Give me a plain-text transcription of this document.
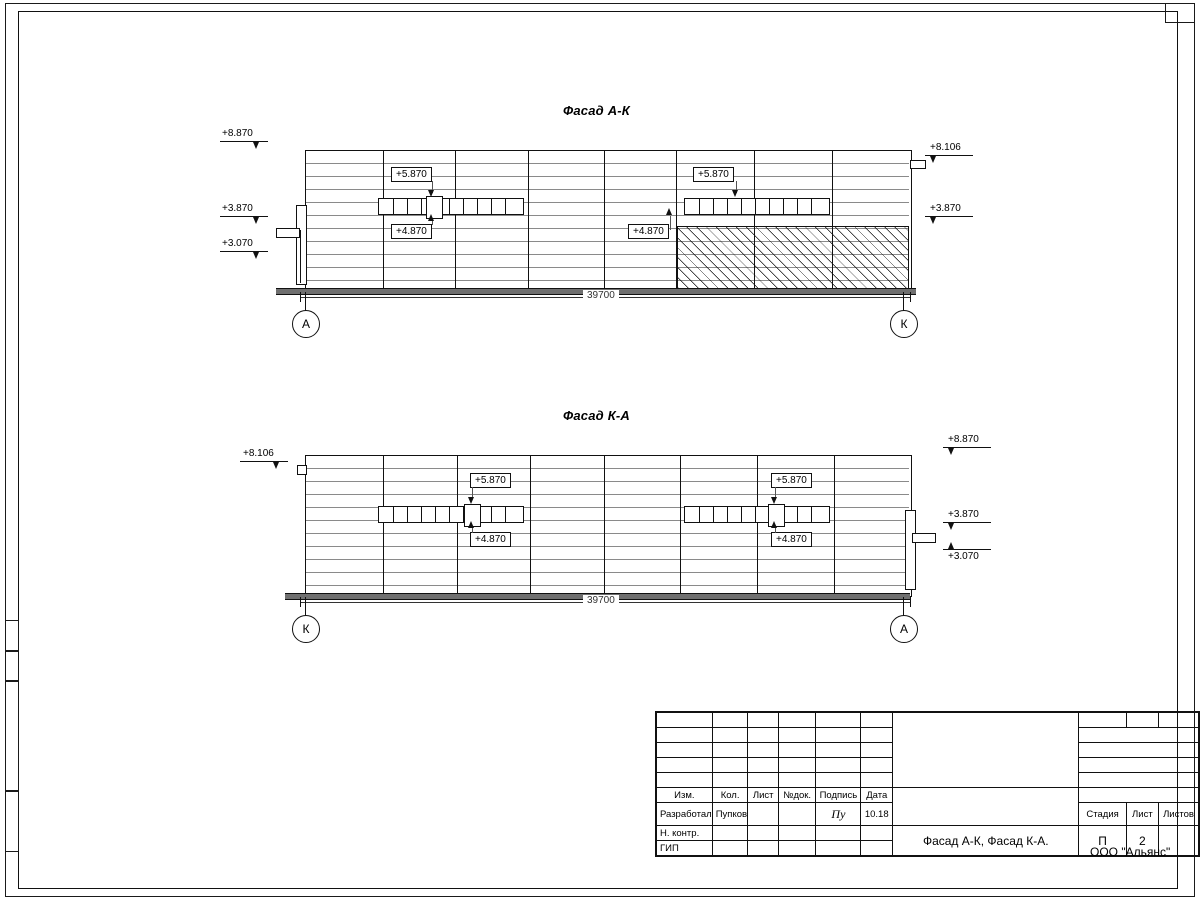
Фасад А-К
39700
А	К
+8.870
+3.870
+3.070
+8.106
+3.870
+5.870
+4.870
+5.870
+4.870
Фасад К-А
39700
К	А
+8.106
+8.870
+3.870
+3.070
+5.870
+4.870
+5.870
+4.870

Изм.	Кол.	Лист	№док.	Подпись	Дата				
Разработал	Пупков			Пу	10.18		Стадия	Лист	Листов
Н. контр.						Фасад А-К, Фасад К-А.	П	2	
ГИП										ООО "Альянс"
